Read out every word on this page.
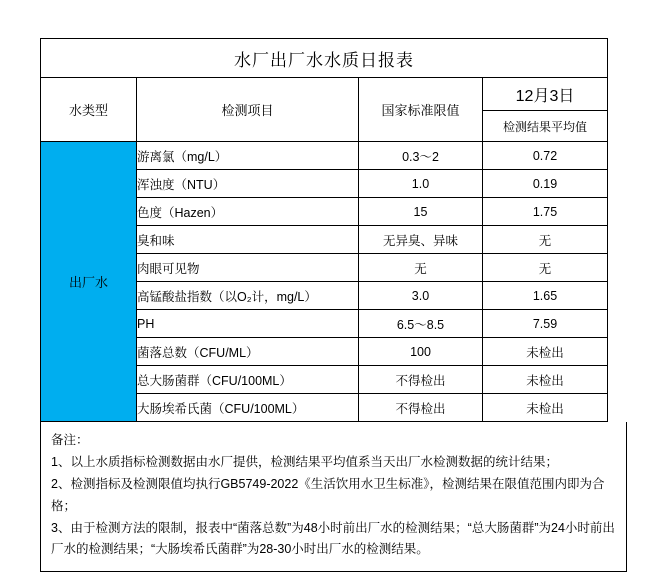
水厂出厂水水质日报表			
水类型	检测项目	国家标准限值	12月3日
			检测结果平均值
出厂水	游离氯（mg/L）	0.3～2	0.72
	浑浊度（NTU）	1.0	0.19
	色度（Hazen）	15	1.75
	臭和味	无异臭、异味	无
	肉眼可见物	无	无
	高锰酸盐指数（以O₂计，mg/L）	3.0	1.65
	PH	6.5～8.5	7.59
	菌落总数（CFU/ML）	100	未检出
	总大肠菌群（CFU/100ML）	不得检出	未检出
	大肠埃希氏菌（CFU/100ML）	不得检出	未检出
备注：
1、以上水质指标检测数据由水厂提供，检测结果平均值系当天出厂水检测数据的统计结果；
2、检测指标及检测限值均执行GB5749-2022《生活饮用水卫生标准》，检测结果在限值范围内即为合格；
3、由于检测方法的限制，报表中“菌落总数”为48小时前出厂水的检测结果；“总大肠菌群”为24小时前出厂水的检测结果；“大肠埃希氏菌群”为28-30小时出厂水的检测结果。
